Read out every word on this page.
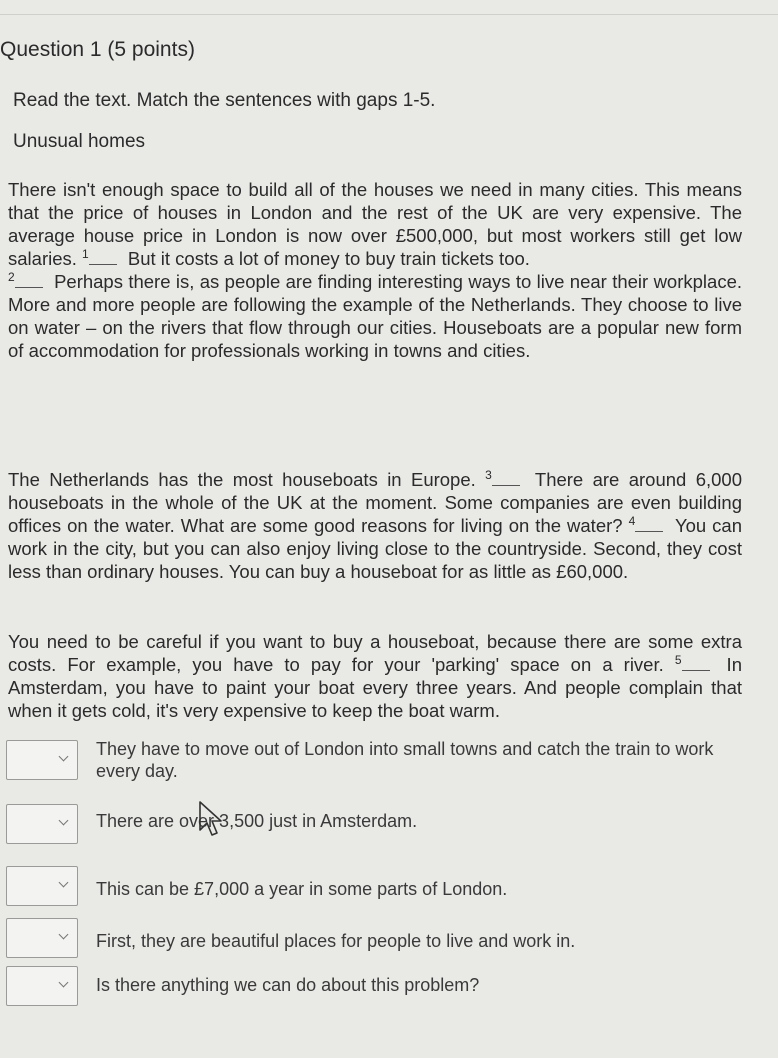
Question 1 (5 points)
Read the text. Match the sentences with gaps 1-5.
Unusual homes

There isn't enough space to build all of the houses we need in many cities. This means that the price of houses in London and the rest of the UK are very expensive. The average house price in London is now over £500,000, but most workers still get low salaries. $^1$ But it costs a lot of money to buy train tickets too.
$^2$ Perhaps there is, as people are finding interesting ways to live near their workplace. More and more people are following the example of the Netherlands. They choose to live on water – on the rivers that flow through our cities. Houseboats are a popular new form of accommodation for professionals working in towns and cities.

The Netherlands has the most houseboats in Europe. $^3$ There are around 6,000 houseboats in the whole of the UK at the moment. Some companies are even building offices on the water. What are some good reasons for living on the water? $^4$ You can work in the city, but you can also enjoy living close to the countryside. Second, they cost less than ordinary houses. You can buy a houseboat for as little as £60,000.

You need to be careful if you want to buy a houseboat, because there are some extra costs. For example, you have to pay for your 'parking' space on a river. $^5$ In Amsterdam, you have to paint your boat every three years. And people complain that when it gets cold, it's very expensive to keep the boat warm.

They have to move out of London into small towns and catch the train to work every day.
There are over 3,500 just in Amsterdam.
This can be £7,000 a year in some parts of London.
First, they are beautiful places for people to live and work in.
Is there anything we can do about this problem?
